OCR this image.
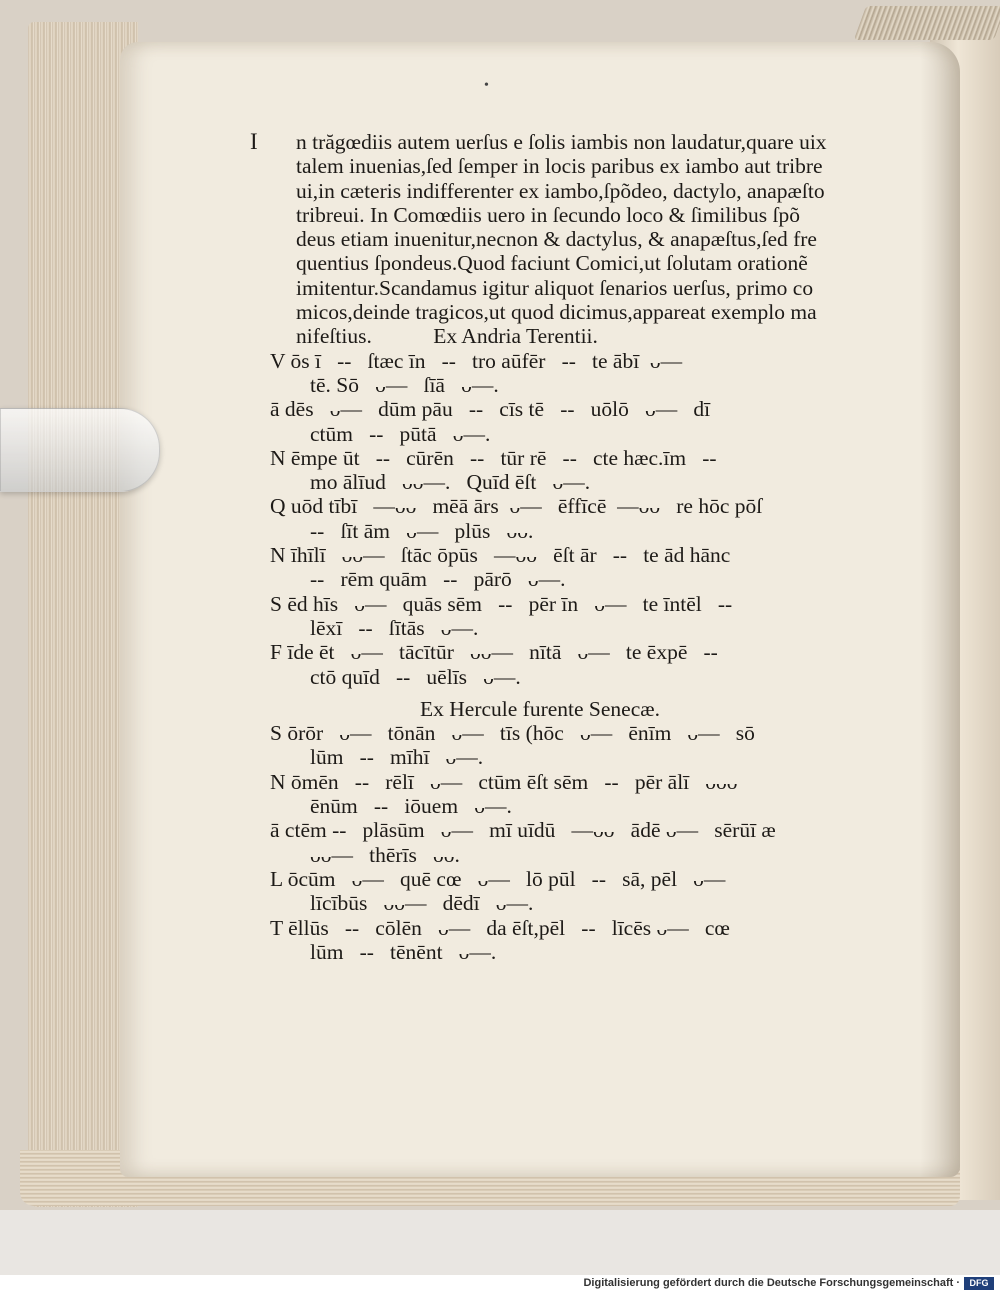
•
I n trăgœdiis autem uerſus e ſolis iambis non laudatur,quare uix
talem inuenias,ſed ſemper in locis paribus ex iambo aut tribre
ui,in cæteris indifferenter ex iambo,ſpõdeo, dactylo, anapæſto
tribreui. In Comœdiis uero in ſecundo loco & ſimilibus ſpõ
deus etiam inuenitur,necnon & dactylus, & anapæſtus,ſed fre
quentius ſpondeus.Quod faciunt Comici,ut ſolutam orationẽ
imitentur.Scandamus igitur aliquot ſenarios uerſus, primo co
micos,deinde tragicos,ut quod dicimus,appareat exemplo ma
nifeſtius.	Ex Andria Terentii.
V ōs ī   --   ſtæc īn   --   tro aūfēr   --   te ābī  ᴗ—
tē. Sō   ᴗ—   ſīā   ᴗ—.
ā dēs   ᴗ—   dūm pāu   --   cīs tē   --   uōlō   ᴗ—   dī
ctūm   --   pūtā   ᴗ—.
N ēmpe ūt   --   cūrēn   --   tūr rē   --   cte hæc.īm   --
mo ālīud   ᴗᴗ—.   Quīd ēſt   ᴗ—.
Q uōd tībī   —ᴗᴗ   mēā ārs  ᴗ—   ēffīcē  —ᴗᴗ   re hōc pōſ
--   ſīt ām   ᴗ—   plūs   ᴗᴗ.
N īhīlī   ᴗᴗ—   ſtāc ōpūs   —ᴗᴗ   ēſt ār   --   te ād hānc
--   rēm quām   --   pārō   ᴗ—.
S ēd hīs   ᴗ—   quās sēm   --   pēr īn   ᴗ—   te īntēl   --
lēxī   --   ſītās   ᴗ—.
F īde ēt   ᴗ—   tācītūr   ᴗᴗ—   nītā   ᴗ—   te ēxpē   --
ctō quīd   --   uēlīs   ᴗ—.
Ex Hercule furente Senecæ.
S ōrōr   ᴗ—   tōnān   ᴗ—   tīs (hōc   ᴗ—   ēnīm   ᴗ—   sō
lūm   --   mīhī   ᴗ—.
N ōmēn   --   rēlī   ᴗ—   ctūm ēſt sēm   --   pēr ālī   ᴗᴗᴗ
ēnūm   --   iōuem   ᴗ—.
ā ctēm --   plāsūm   ᴗ—   mī uīdū   —ᴗᴗ   ādē ᴗ—   sērūī æ
ᴗᴗ—   thērīs   ᴗᴗ.
L ōcūm   ᴗ—   quē cœ   ᴗ—   lō pūl   --   sā, pēl   ᴗ—
līcībūs   ᴗᴗ—   dēdī   ᴗ—.
T ēllūs   --   cōlēn   ᴗ—   da ēſt,pēl   --   līcēs ᴗ—   cœ
lūm   --   tēnēnt   ᴗ—.
Digitalisierung gefördert durch die Deutsche Forschungsgemeinschaft ·	DFG
